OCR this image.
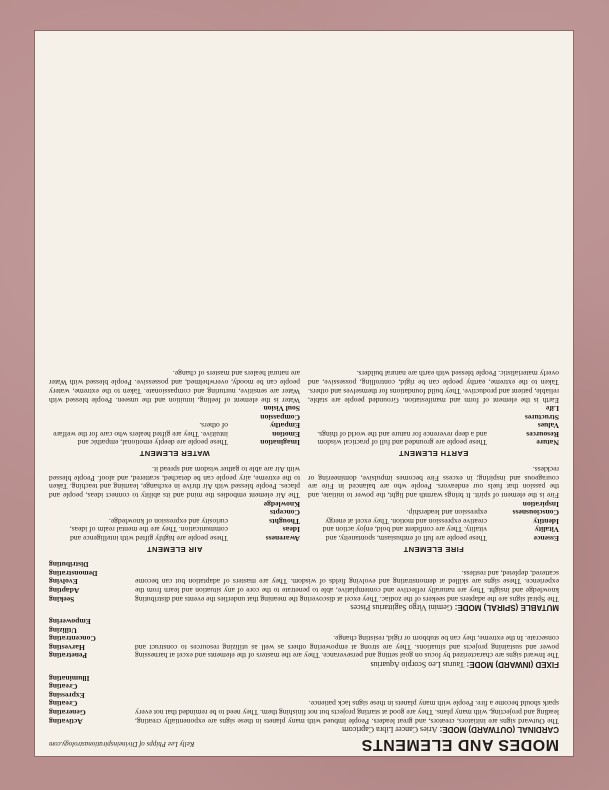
MODES AND ELEMENTS
Kelly Lee Phipps of Divineinspirationastrology.com
CARDINAL (OUTWARD) MODE: Aries Cancer Libra Capricorn

The Outward signs are initiators, creators, and great leaders. People imbued with many planets in these signs are exponentially creating, leading and projecting, with many plans. They are good at starting projects but not finishing them. They need to be reminded that not every spark should become a fire. People with many planets in these signs lack patience.

Activating
Generating
Creating
Expressing
Creating
Illuminating
FIXED (INWARD) MODE: Taurus Leo Scorpio Aquarius

The Inward signs are characterized by focus on goal setting and perseverance. They are the masters of the elements and excel at harnessing power and sustaining projects and situations. They are strong at empowering others as well as utilizing resources to construct and consecrate. In the extreme, they can be stubborn or rigid, resisting change.

Penetrating
Harvesting
Concentrating
Utilizing
Empowering
MUTABLE (SPIRAL) MODE: Gemini Virgo Sagittarius Pisces

The Spiral signs are the adapters and seekers of the zodiac. They excel at discovering the meaning that underlies the events and distributing knowledge and insight. They are naturally reflective and contemplative, able to penetrate to the core of any situation and learn from the experience. These signs are skilled at demonstrating and evolving fields of wisdom. They are masters of adaptation but can become scattered, depleted, and restless.

Seeking
Adapting
Evolving
Demonstrating
Distributing
FIRE ELEMENT
Essence
Vitality
Identity
Consciousness
Inspiration

These people are full of enthusiasm, spontaneity, and vitality. They are confident and bold, enjoy action and creative expression and motion. They excel at energy expression and leadership.

AIR ELEMENT
Awareness
Ideas
Thoughts
Concepts
Knowledge

These people are highly gifted with intelligence and communication. They are the mental realm of ideas, curiosity and expression of knowledge.

Fire is the element of spirit. It brings warmth and light, the power to initiate, and the passion that fuels our endeavors. People who are balanced in Fire are courageous and inspiring; in excess Fire becomes impulsive, domineering or reckless.

The Air element embodies the mind and its ability to connect ideas, people and places. People blessed with Air thrive in exchange, learning and teaching. Taken to the extreme, airy people can be detached, scattered, and aloof. People blessed with Air are able to gather wisdom and spread it.

EARTH ELEMENT
Nature
Resources
Values
Structures
Life

These people are grounded and full of practical wisdom and a deep reverence for nature and the world of things.

WATER ELEMENT
Imagination
Emotion
Empathy
Compassion
Soul Vision

These people are deeply emotional, empathic and intuitive. They are gifted healers who care for the welfare of others.

Earth is the element of form and manifestation. Grounded people are stable, reliable, patient and productive. They build foundations for themselves and others. Taken to the extreme, earthy people can be rigid, controlling, possessive, and overly materialistic. People blessed with earth are natural builders.

Water is the element of feeling, intuition and the unseen. People blessed with Water are sensitive, nurturing and compassionate. Taken to the extreme, watery people can be moody, overwhelmed, and possessive. People blessed with Water are natural healers and masters of change.
